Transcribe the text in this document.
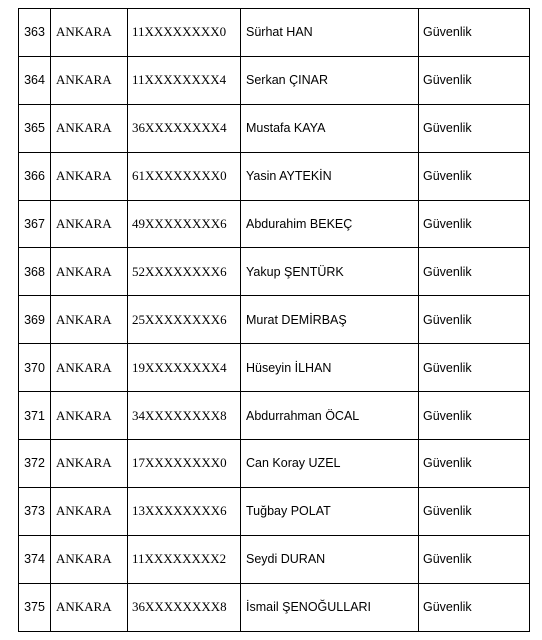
363	ANKARA	11XXXXXXXX0	Sürhat HAN	Güvenlik
364	ANKARA	11XXXXXXXX4	Serkan ÇINAR	Güvenlik
365	ANKARA	36XXXXXXXX4	Mustafa KAYA	Güvenlik
366	ANKARA	61XXXXXXXX0	Yasin AYTEKİN	Güvenlik
367	ANKARA	49XXXXXXXX6	Abdurahim BEKEÇ	Güvenlik
368	ANKARA	52XXXXXXXX6	Yakup ŞENTÜRK	Güvenlik
369	ANKARA	25XXXXXXXX6	Murat DEMİRBAŞ	Güvenlik
370	ANKARA	19XXXXXXXX4	Hüseyin İLHAN	Güvenlik
371	ANKARA	34XXXXXXXX8	Abdurrahman ÖCAL	Güvenlik
372	ANKARA	17XXXXXXXX0	Can Koray UZEL	Güvenlik
373	ANKARA	13XXXXXXXX6	Tuğbay POLAT	Güvenlik
374	ANKARA	11XXXXXXXX2	Seydi DURAN	Güvenlik
375	ANKARA	36XXXXXXXX8	İsmail ŞENOĞULLARI	Güvenlik
